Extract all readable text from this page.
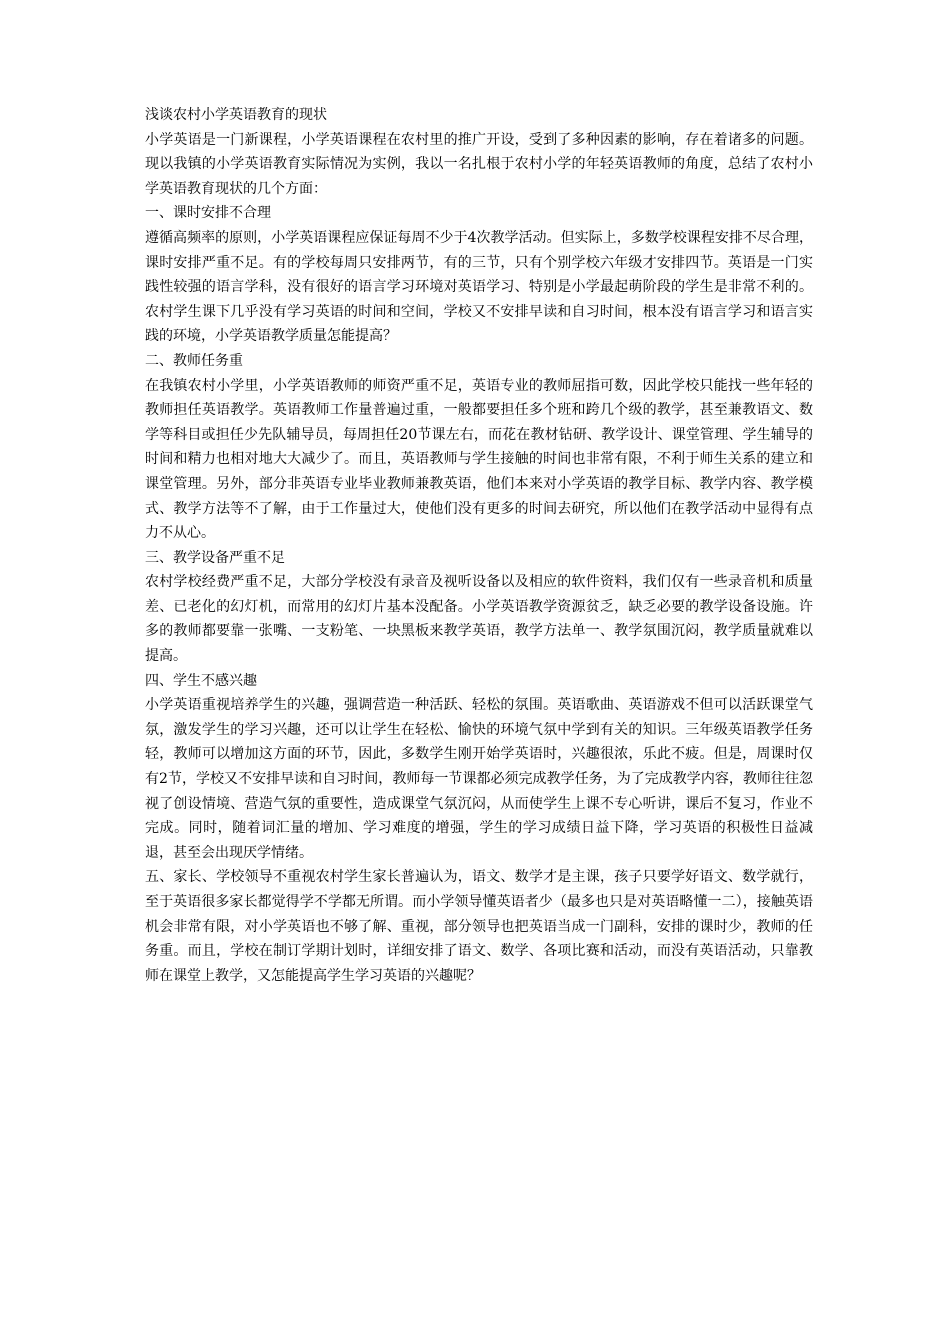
浅谈农村小学英语教育的现状

小学英语是一门新课程，小学英语课程在农村里的推广开设，受到了多种因素的影响，存在着诸多的问题。现以我镇的小学英语教育实际情况为实例，我以一名扎根于农村小学的年轻英语教师的角度，总结了农村小学英语教育现状的几个方面：

一、课时安排不合理

遵循高频率的原则，小学英语课程应保证每周不少于4次教学活动。但实际上，多数学校课程安排不尽合理，课时安排严重不足。有的学校每周只安排两节，有的三节，只有个别学校六年级才安排四节。英语是一门实践性较强的语言学科，没有很好的语言学习环境对英语学习、特别是小学最起萌阶段的学生是非常不利的。农村学生课下几乎没有学习英语的时间和空间，学校又不安排早读和自习时间，根本没有语言学习和语言实践的环境，小学英语教学质量怎能提高？

二、教师任务重

在我镇农村小学里，小学英语教师的师资严重不足，英语专业的教师屈指可数，因此学校只能找一些年轻的教师担任英语教学。英语教师工作量普遍过重，一般都要担任多个班和跨几个级的教学，甚至兼教语文、数学等科目或担任少先队辅导员，每周担任20节课左右，而花在教材钻研、教学设计、课堂管理、学生辅导的时间和精力也相对地大大减少了。而且，英语教师与学生接触的时间也非常有限，不利于师生关系的建立和课堂管理。另外，部分非英语专业毕业教师兼教英语，他们本来对小学英语的教学目标、教学内容、教学模式、教学方法等不了解，由于工作量过大，使他们没有更多的时间去研究，所以他们在教学活动中显得有点力不从心。

三、教学设备严重不足

农村学校经费严重不足，大部分学校没有录音及视听设备以及相应的软件资料，我们仅有一些录音机和质量差、已老化的幻灯机，而常用的幻灯片基本没配备。小学英语教学资源贫乏，缺乏必要的教学设备设施。许多的教师都要靠一张嘴、一支粉笔、一块黑板来教学英语，教学方法单一、教学氛围沉闷，教学质量就难以提高。

四、学生不感兴趣

小学英语重视培养学生的兴趣，强调营造一种活跃、轻松的氛围。英语歌曲、英语游戏不但可以活跃课堂气氛，激发学生的学习兴趣，还可以让学生在轻松、愉快的环境气氛中学到有关的知识。三年级英语教学任务轻，教师可以增加这方面的环节，因此，多数学生刚开始学英语时，兴趣很浓，乐此不疲。但是，周课时仅有2节，学校又不安排早读和自习时间，教师每一节课都必须完成教学任务，为了完成教学内容，教师往往忽视了创设情境、营造气氛的重要性，造成课堂气氛沉闷，从而使学生上课不专心听讲，课后不复习，作业不完成。同时，随着词汇量的增加、学习难度的增强，学生的学习成绩日益下降，学习英语的积极性日益减退，甚至会出现厌学情绪。

五、家长、学校领导不重视农村学生家长普遍认为，语文、数学才是主课，孩子只要学好语文、数学就行，至于英语很多家长都觉得学不学都无所谓。而小学领导懂英语者少（最多也只是对英语略懂一二），接触英语机会非常有限，对小学英语也不够了解、重视，部分领导也把英语当成一门副科，安排的课时少，教师的任务重。而且，学校在制订学期计划时，详细安排了语文、数学、各项比赛和活动，而没有英语活动，只靠教师在课堂上教学，又怎能提高学生学习英语的兴趣呢？
